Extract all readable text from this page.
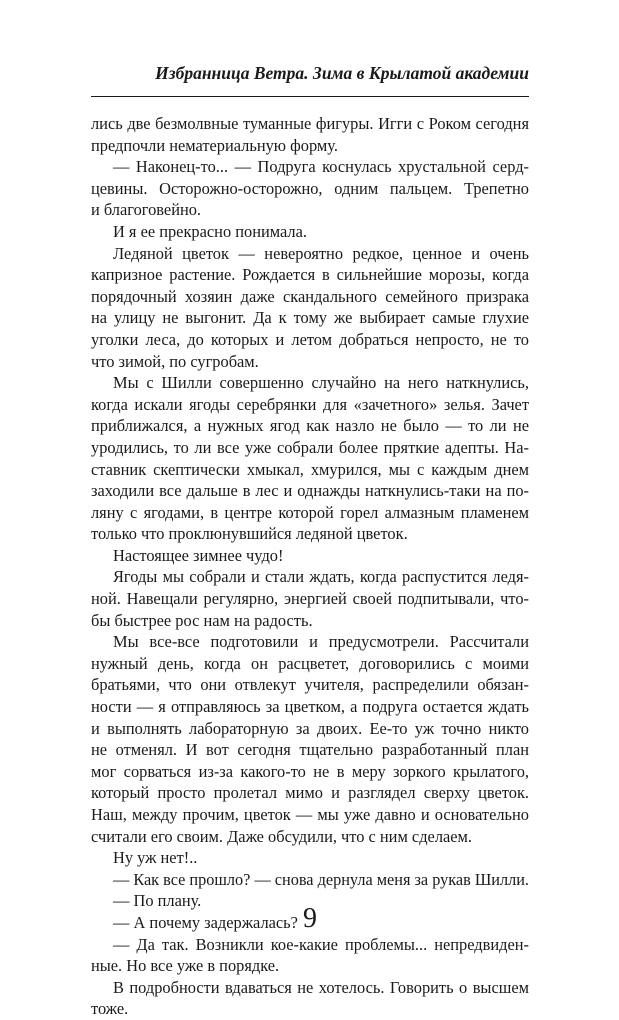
Избранница Ветра. Зима в Крылатой академии
лись две безмолвные туманные фигуры. Игги с Роком сегодня
предпочли нематериальную форму.
— Наконец-то... — Подруга коснулась хрустальной серд-
цевины. Осторожно-осторожно, одним пальцем. Трепетно
и благоговейно.
И я ее прекрасно понимала.
Ледяной цветок — невероятно редкое, ценное и очень
капризное растение. Рождается в сильнейшие морозы, когда
порядочный хозяин даже скандального семейного призрака
на улицу не выгонит. Да к тому же выбирает самые глухие
уголки леса, до которых и летом добраться непросто, не то
что зимой, по сугробам.
Мы с Шилли совершенно случайно на него наткнулись,
когда искали ягоды серебрянки для «зачетного» зелья. Зачет
приближался, а нужных ягод как назло не было — то ли не
уродились, то ли все уже собрали более пряткие адепты. На-
ставник скептически хмыкал, хмурился, мы с каждым днем
заходили все дальше в лес и однажды наткнулись-таки на по-
ляну с ягодами, в центре которой горел алмазным пламенем
только что проклюнувшийся ледяной цветок.
Настоящее зимнее чудо!
Ягоды мы собрали и стали ждать, когда распустится ледя-
ной. Навещали регулярно, энергией своей подпитывали, что-
бы быстрее рос нам на радость.
Мы все-все подготовили и предусмотрели. Рассчитали
нужный день, когда он расцветет, договорились с моими
братьями, что они отвлекут учителя, распределили обязан-
ности — я отправляюсь за цветком, а подруга остается ждать
и выполнять лабораторную за двоих. Ее-то уж точно никто
не отменял. И вот сегодня тщательно разработанный план
мог сорваться из-за какого-то не в меру зоркого крылатого,
который просто пролетал мимо и разглядел сверху цветок.
Наш, между прочим, цветок — мы уже давно и основательно
считали его своим. Даже обсудили, что с ним сделаем.
Ну уж нет!..
— Как все прошло? — снова дернула меня за рукав Шилли.
— По плану.
— А почему задержалась?
— Да так. Возникли кое-какие проблемы... непредвиден-
ные. Но все уже в порядке.
В подробности вдаваться не хотелось. Говорить о высшем
тоже.
9
